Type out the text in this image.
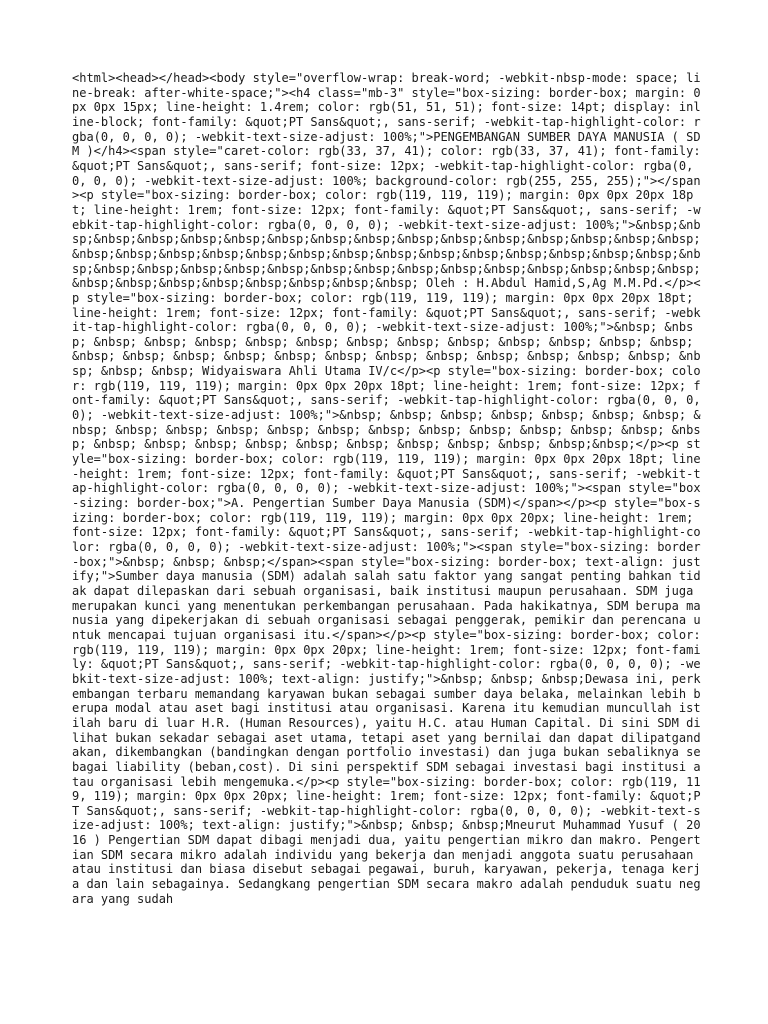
<html><head></head><body style="overflow-wrap: break-word; -webkit-nbsp-mode: space; line-break: after-white-space;"><h4 class="mb-3" style="box-sizing: border-box; margin: 0px 0px 15px; line-height: 1.4rem; color: rgb(51, 51, 51); font-size: 14pt; display: inline-block; font-family: &quot;PT Sans&quot;, sans-serif; -webkit-tap-highlight-color: rgba(0, 0, 0, 0); -webkit-text-size-adjust: 100%;">PENGEMBANGAN SUMBER DAYA MANUSIA ( SDM )</h4><span style="caret-color: rgb(33, 37, 41); color: rgb(33, 37, 41); font-family: &quot;PT Sans&quot;, sans-serif; font-size: 12px; -webkit-tap-highlight-color: rgba(0, 0, 0, 0); -webkit-text-size-adjust: 100%; background-color: rgb(255, 255, 255);"></span><p style="box-sizing: border-box; color: rgb(119, 119, 119); margin: 0px 0px 20px 18pt; line-height: 1rem; font-size: 12px; font-family: &quot;PT Sans&quot;, sans-serif; -webkit-tap-highlight-color: rgba(0, 0, 0, 0); -webkit-text-size-adjust: 100%;">&nbsp;&nbsp;&nbsp;&nbsp;&nbsp;&nbsp;&nbsp;&nbsp;&nbsp;&nbsp;&nbsp;&nbsp;&nbsp;&nbsp;&nbsp;&nbsp;&nbsp;&nbsp;&nbsp;&nbsp;&nbsp;&nbsp;&nbsp;&nbsp;&nbsp;&nbsp;&nbsp;&nbsp;&nbsp;&nbsp;&nbsp;&nbsp;&nbsp;&nbsp;&nbsp;&nbsp;&nbsp;&nbsp;&nbsp;&nbsp;&nbsp;&nbsp;&nbsp;&nbsp;&nbsp;&nbsp;&nbsp;&nbsp;&nbsp;&nbsp;&nbsp;&nbsp;&nbsp; Oleh : H.Abdul Hamid,S,Ag M.M.Pd.</p><p style="box-sizing: border-box; color: rgb(119, 119, 119); margin: 0px 0px 20px 18pt; line-height: 1rem; font-size: 12px; font-family: &quot;PT Sans&quot;, sans-serif; -webkit-tap-highlight-color: rgba(0, 0, 0, 0); -webkit-text-size-adjust: 100%;">&nbsp; &nbsp; &nbsp; &nbsp; &nbsp; &nbsp; &nbsp; &nbsp; &nbsp; &nbsp; &nbsp; &nbsp; &nbsp; &nbsp; &nbsp; &nbsp; &nbsp; &nbsp; &nbsp; &nbsp; &nbsp; &nbsp; &nbsp; &nbsp; &nbsp; &nbsp; &nbsp; &nbsp; &nbsp; Widyaiswara Ahli Utama IV/c</p><p style="box-sizing: border-box; color: rgb(119, 119, 119); margin: 0px 0px 20px 18pt; line-height: 1rem; font-size: 12px; font-family: &quot;PT Sans&quot;, sans-serif; -webkit-tap-highlight-color: rgba(0, 0, 0, 0); -webkit-text-size-adjust: 100%;">&nbsp; &nbsp; &nbsp; &nbsp; &nbsp; &nbsp; &nbsp; &nbsp; &nbsp; &nbsp; &nbsp; &nbsp; &nbsp; &nbsp; &nbsp; &nbsp; &nbsp; &nbsp; &nbsp; &nbsp; &nbsp; &nbsp; &nbsp; &nbsp; &nbsp; &nbsp; &nbsp; &nbsp; &nbsp; &nbsp;&nbsp;</p><p style="box-sizing: border-box; color: rgb(119, 119, 119); margin: 0px 0px 20px 18pt; line-height: 1rem; font-size: 12px; font-family: &quot;PT Sans&quot;, sans-serif; -webkit-tap-highlight-color: rgba(0, 0, 0, 0); -webkit-text-size-adjust: 100%;"><span style="box-sizing: border-box;">A. Pengertian Sumber Daya Manusia (SDM)</span></p><p style="box-sizing: border-box; color: rgb(119, 119, 119); margin: 0px 0px 20px; line-height: 1rem; font-size: 12px; font-family: &quot;PT Sans&quot;, sans-serif; -webkit-tap-highlight-color: rgba(0, 0, 0, 0); -webkit-text-size-adjust: 100%;"><span style="box-sizing: border-box;">&nbsp; &nbsp; &nbsp;</span><span style="box-sizing: border-box; text-align: justify;">Sumber daya manusia (SDM) adalah salah satu faktor yang sangat penting bahkan tidak dapat dilepaskan dari sebuah organisasi, baik institusi maupun perusahaan. SDM juga merupakan kunci yang menentukan perkembangan perusahaan. Pada hakikatnya, SDM berupa manusia yang dipekerjakan di sebuah organisasi sebagai penggerak, pemikir dan perencana untuk mencapai tujuan organisasi itu.</span></p><p style="box-sizing: border-box; color: rgb(119, 119, 119); margin: 0px 0px 20px; line-height: 1rem; font-size: 12px; font-family: &quot;PT Sans&quot;, sans-serif; -webkit-tap-highlight-color: rgba(0, 0, 0, 0); -webkit-text-size-adjust: 100%; text-align: justify;">&nbsp; &nbsp; &nbsp;Dewasa ini, perkembangan terbaru memandang karyawan bukan sebagai sumber daya belaka, melainkan lebih berupa modal atau aset bagi institusi atau organisasi. Karena itu kemudian muncullah istilah baru di luar H.R. (Human Resources), yaitu H.C. atau Human Capital. Di sini SDM dilihat bukan sekadar sebagai aset utama, tetapi aset yang bernilai dan dapat dilipatgandakan, dikembangkan (bandingkan dengan portfolio investasi) dan juga bukan sebaliknya sebagai liability (beban,cost). Di sini perspektif SDM sebagai investasi bagi institusi atau organisasi lebih mengemuka.</p><p style="box-sizing: border-box; color: rgb(119, 119, 119); margin: 0px 0px 20px; line-height: 1rem; font-size: 12px; font-family: &quot;PT Sans&quot;, sans-serif; -webkit-tap-highlight-color: rgba(0, 0, 0, 0); -webkit-text-size-adjust: 100%; text-align: justify;">&nbsp; &nbsp; &nbsp;Mneurut Muhammad Yusuf ( 2016 ) Pengertian SDM dapat dibagi menjadi dua, yaitu pengertian mikro dan makro. Pengertian SDM secara mikro adalah individu yang bekerja dan menjadi anggota suatu perusahaan atau institusi dan biasa disebut sebagai pegawai, buruh, karyawan, pekerja, tenaga kerja dan lain sebagainya. Sedangkang pengertian SDM secara makro adalah penduduk suatu negara yang sudah
